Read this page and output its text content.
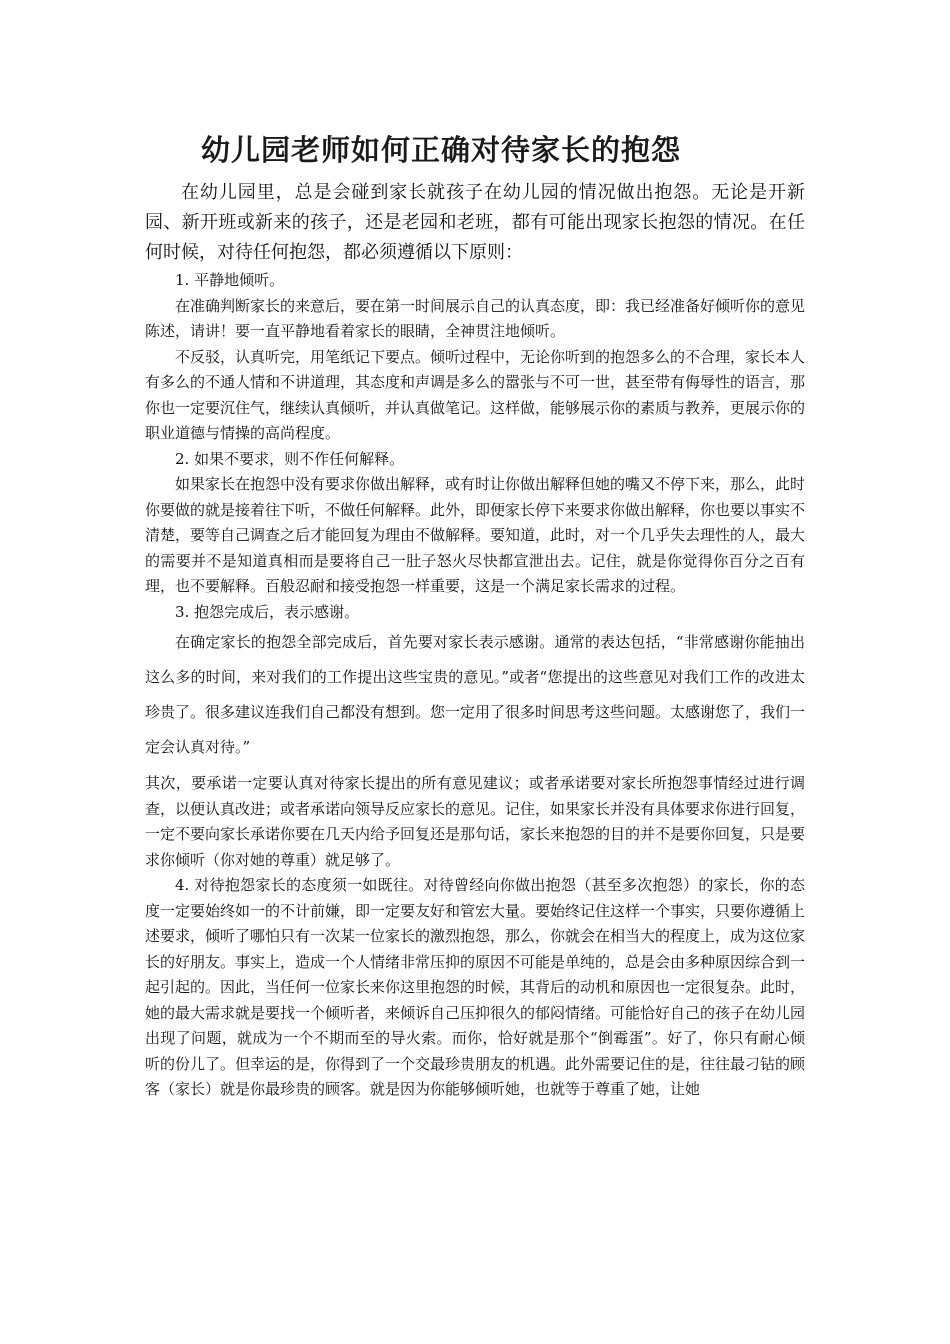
幼儿园老师如何正确对待家长的抱怨

在幼儿园里，总是会碰到家长就孩子在幼儿园的情况做出抱怨。无论是开新园、新开班或新来的孩子，还是老园和老班，都有可能出现家长抱怨的情况。在任何时候，对待任何抱怨，都必须遵循以下原则：

1. 平静地倾听。

在准确判断家长的来意后，要在第一时间展示自己的认真态度，即：我已经准备好倾听你的意见陈述，请讲！要一直平静地看着家长的眼睛，全神贯注地倾听。

不反驳，认真听完，用笔纸记下要点。倾听过程中，无论你听到的抱怨多么的不合理，家长本人有多么的不通人情和不讲道理，其态度和声调是多么的嚣张与不可一世，甚至带有侮辱性的语言，那你也一定要沉住气，继续认真倾听，并认真做笔记。这样做，能够展示你的素质与教养，更展示你的职业道德与情操的高尚程度。

2. 如果不要求，则不作任何解释。

如果家长在抱怨中没有要求你做出解释，或有时让你做出解释但她的嘴又不停下来，那么，此时你要做的就是接着往下听，不做任何解释。此外，即便家长停下来要求你做出解释，你也要以事实不清楚，要等自己调查之后才能回复为理由不做解释。要知道，此时，对一个几乎失去理性的人，最大的需要并不是知道真相而是要将自己一肚子怒火尽快都宣泄出去。记住，就是你觉得你百分之百有理，也不要解释。百般忍耐和接受抱怨一样重要，这是一个满足家长需求的过程。

3. 抱怨完成后，表示感谢。

在确定家长的抱怨全部完成后，首先要对家长表示感谢。通常的表达包括，“非常感谢你能抽出这么多的时间，来对我们的工作提出这些宝贵的意见。”或者“您提出的这些意见对我们工作的改进太珍贵了。很多建议连我们自己都没有想到。您一定用了很多时间思考这些问题。太感谢您了，我们一定会认真对待。”

其次，要承诺一定要认真对待家长提出的所有意见建议；或者承诺要对家长所抱怨事情经过进行调查，以便认真改进；或者承诺向领导反应家长的意见。记住，如果家长并没有具体要求你进行回复，一定不要向家长承诺你要在几天内给予回复还是那句话，家长来抱怨的目的并不是要你回复，只是要求你倾听（你对她的尊重）就足够了。

4. 对待抱怨家长的态度须一如既往。对待曾经向你做出抱怨（甚至多次抱怨）的家长，你的态度一定要始终如一的不计前嫌，即一定要友好和管宏大量。要始终记住这样一个事实，只要你遵循上述要求，倾听了哪怕只有一次某一位家长的激烈抱怨，那么，你就会在相当大的程度上，成为这位家长的好朋友。事实上，造成一个人情绪非常压抑的原因不可能是单纯的，总是会由多种原因综合到一起引起的。因此，当任何一位家长来你这里抱怨的时候，其背后的动机和原因也一定很复杂。此时，她的最大需求就是要找一个倾听者，来倾诉自己压抑很久的郁闷情绪。可能恰好自己的孩子在幼儿园出现了问题，就成为一个不期而至的导火索。而你，恰好就是那个“倒霉蛋”。好了，你只有耐心倾听的份儿了。但幸运的是，你得到了一个交最珍贵朋友的机遇。此外需要记住的是，往往最刁钻的顾客（家长）就是你最珍贵的顾客。就是因为你能够倾听她，也就等于尊重了她，让她
